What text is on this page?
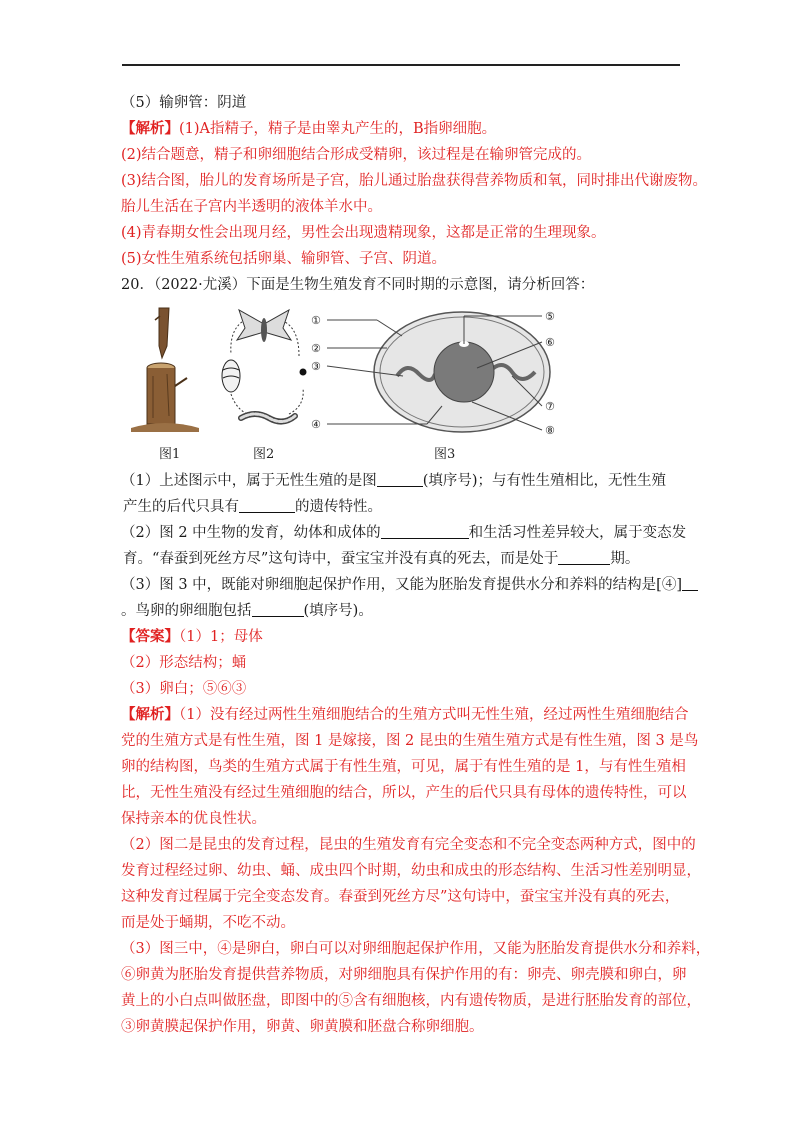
（5）输卵管：阴道
【解析】(1)A指精子，精子是由睾丸产生的，B指卵细胞。
(2)结合题意，精子和卵细胞结合形成受精卵，该过程是在输卵管完成的。
(3)结合图，胎儿的发育场所是子宫，胎儿通过胎盘获得营养物质和氧，同时排出代谢废物。
胎儿生活在子宫内半透明的液体羊水中。
(4)青春期女性会出现月经，男性会出现遗精现象，这都是正常的生理现象。
(5)女性生殖系统包括卵巢、输卵管、子宫、阴道。
20．（2022·尤溪）下面是生物生殖发育不同时期的示意图，请分析回答：
①
②
③
④
⑤
⑥
⑦
⑧
图1	图2	图3
（1）上述图示中，属于无性生殖的是图	(填序号)；与有性生殖相比，无性生殖
产生的后代只具有	的遗传特性。
（2）图 2 中生物的发育，幼体和成体的	和生活习性差异较大，属于变态发
育。“春蚕到死丝方尽”这句诗中，蚕宝宝并没有真的死去，而是处于	期。
（3）图 3 中，既能对卵细胞起保护作用，又能为胚胎发育提供水分和养料的结构是[④]
。鸟卵的卵细胞包括	(填序号)。
【答案】（1）1；母体
（2）形态结构；蛹
（3）卵白；⑤⑥③
【解析】（1）没有经过两性生殖细胞结合的生殖方式叫无性生殖，经过两性生殖细胞结合
党的生殖方式是有性生殖，图 1 是嫁接，图 2 昆虫的生殖生殖方式是有性生殖，图 3 是鸟
卵的结构图，鸟类的生殖方式属于有性生殖，可见，属于有性生殖的是 1，与有性生殖相
比，无性生殖没有经过生殖细胞的结合，所以，产生的后代只具有母体的遗传特性，可以
保持亲本的优良性状。
（2）图二是昆虫的发育过程，昆虫的生殖发育有完全变态和不完全变态两种方式，图中的
发育过程经过卵、幼虫、蛹、成虫四个时期，幼虫和成虫的形态结构、生活习性差别明显，
这种发育过程属于完全变态发育。春蚕到死丝方尽”这句诗中，蚕宝宝并没有真的死去，
而是处于蛹期，不吃不动。
（3）图三中，④是卵白，卵白可以对卵细胞起保护作用，又能为胚胎发育提供水分和养料，
⑥卵黄为胚胎发育提供营养物质，对卵细胞具有保护作用的有：卵壳、卵壳膜和卵白，卵
黄上的小白点叫做胚盘，即图中的⑤含有细胞核，内有遗传物质，是进行胚胎发育的部位，
③卵黄膜起保护作用，卵黄、卵黄膜和胚盘合称卵细胞。
